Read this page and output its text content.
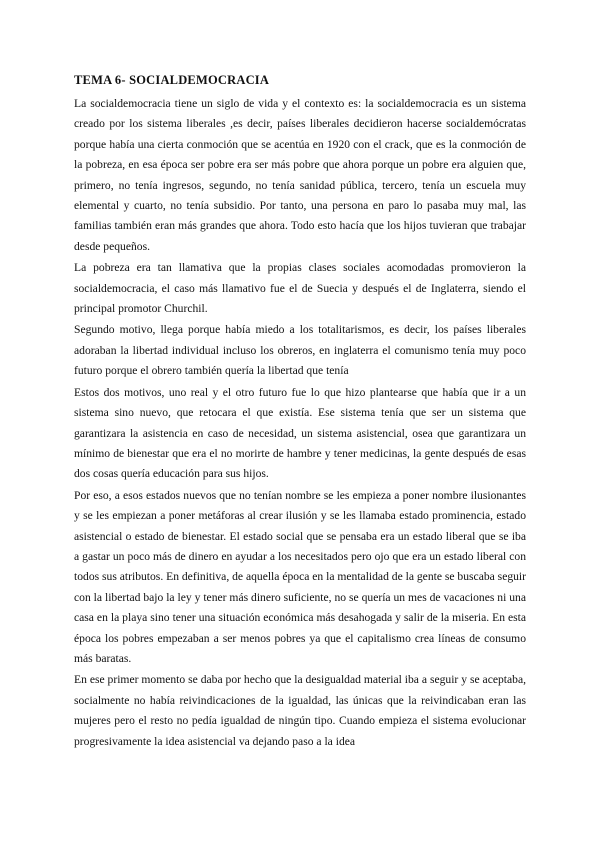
TEMA 6- SOCIALDEMOCRACIA

La socialdemocracia tiene un siglo de vida y el contexto es: la socialdemocracia es un sistema creado por los sistema liberales ,es decir, países liberales decidieron hacerse socialdemócratas porque había una cierta conmoción que se acentúa en 1920 con el crack, que es la conmoción de la pobreza, en esa época ser pobre era ser más pobre que ahora porque un pobre era alguien que, primero, no tenía ingresos, segundo, no tenía sanidad pública, tercero, tenía un escuela muy elemental y cuarto, no tenía subsidio. Por tanto, una persona en paro lo pasaba muy mal, las familias también eran más grandes que ahora. Todo esto hacía que los hijos tuvieran que trabajar desde pequeños.

La pobreza era tan llamativa que la propias clases sociales acomodadas promovieron la socialdemocracia, el caso más llamativo fue el de Suecia y después el de Inglaterra, siendo el principal promotor Churchil.

Segundo motivo, llega porque había miedo a los totalitarismos, es decir, los países liberales adoraban la libertad individual incluso los obreros, en inglaterra el comunismo tenía muy poco futuro porque el obrero también quería la libertad que tenía

Estos dos motivos, uno real y el otro futuro fue lo que hizo plantearse que había que ir a un sistema sino nuevo, que retocara el que existía. Ese sistema tenía que ser un sistema que garantizara la asistencia en caso de necesidad, un sistema asistencial, osea que garantizara un mínimo de bienestar que era el no morirte de hambre y tener medicinas, la gente después de esas dos cosas quería educación para sus hijos.

Por eso, a esos estados nuevos que no tenían nombre se les empieza a poner nombre ilusionantes y se les empiezan a poner metáforas al crear ilusión y se les llamaba estado prominencia, estado asistencial o estado de bienestar. El estado social que se pensaba era un estado liberal que se iba a gastar un poco más de dinero en ayudar a los necesitados pero ojo que era un estado liberal con todos sus atributos. En definitiva, de aquella época en la mentalidad de la gente se buscaba seguir con la libertad bajo la ley y tener más dinero suficiente, no se quería un mes de vacaciones ni una casa en la playa sino tener una situación económica más desahogada y salir de la miseria. En esta época los pobres empezaban a ser menos pobres ya que el capitalismo crea líneas de consumo más baratas.

En ese primer momento se daba por hecho que la desigualdad material iba a seguir y se aceptaba, socialmente no había reivindicaciones de la igualdad, las únicas que la reivindicaban eran las mujeres pero el resto no pedía igualdad de ningún tipo. Cuando empieza el sistema evolucionar progresivamente la idea asistencial va dejando paso a la idea
